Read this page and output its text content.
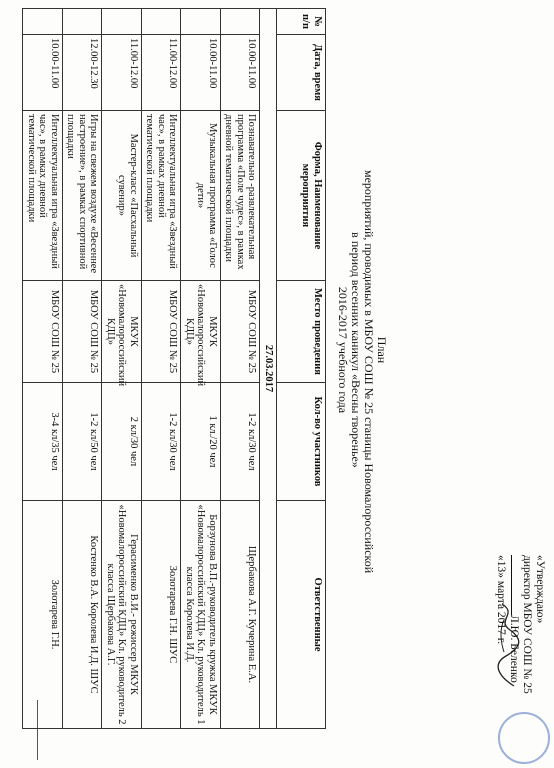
«Утверждаю»
директор МБОУ СОШ № 25
Л.Ю. Беленко
«13» марта 2017 г.
План
мероприятий, проводимых в МБОУ СОШ № 25 станицы Новомалороссийской
в период весенних каникул «Весны творенье»
2016-2017 учебного года
№ п/п	Дата, время	Форма, Наименование мероприятия	Место проведения	Кол-во участников	Ответственные
27.03.2017					
	10.00-11.00	Познавательно -развлекательная программа «Поле чудес», в рамках дневной тематической площадки	МБОУ СОШ № 25	1-2 кл/30 чел	Щербакова А.Г. Кучерина Е.А.
	10.00-11.00	Музыкальная программа «Голос дети»	МКУК «Новомалороссийский КДЦ»	1 кл./20 чел	Борзунова В.П.-руководитель кружка МКУК «Новомалороссийский КДЦ» Кл. руководитель 1 класса Королева И.Д.
	11.00-12.00	Интеллектуальная игра «Звездный час», в рамках дневной тематической площадки	МБОУ СОШ № 25	1-2 кл/30 чел	Золотарева Г.Н. ШУС
	11.00-12.00	Мастер-класс «Пасхальный сувенир»	МКУК «Новомалороссийский КДЦ»	2 кл/30 чел	Герасименко В.И.- режиссер МКУК «Новомалороссийский КДЦ» Кл. руководитель 2 класса Щербакова А.Г.
	12.00-12.30	Игры на свежем воздухе «Весеннее настроение», в рамках спортивной площадки	МБОУ СОШ № 25	1-2 кл/50 чел	Костенко В.А. Королева И.Д. ШУС
	10.00-11.00	Интеллектуальная игра «Звездный час», в рамках дневной тематической площадки	МБОУ СОШ № 25	3-4 кл/35 чел	Золотарева Г.Н.
